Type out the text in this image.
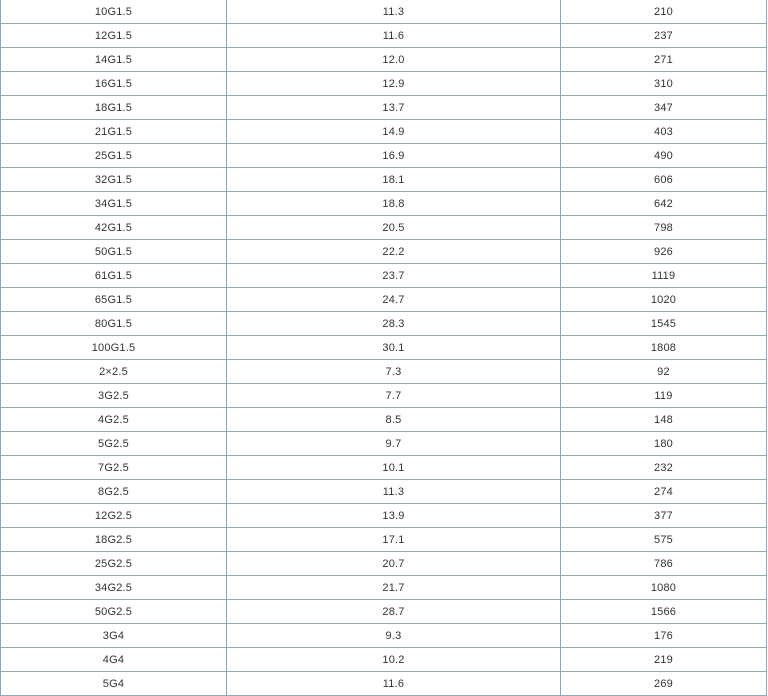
10G1.5	11.3	210
12G1.5	11.6	237
14G1.5	12.0	271
16G1.5	12.9	310
18G1.5	13.7	347
21G1.5	14.9	403
25G1.5	16.9	490
32G1.5	18.1	606
34G1.5	18.8	642
42G1.5	20.5	798
50G1.5	22.2	926
61G1.5	23.7	1119
65G1.5	24.7	1020
80G1.5	28.3	1545
100G1.5	30.1	1808
2×2.5	7.3	92
3G2.5	7.7	119
4G2.5	8.5	148
5G2.5	9.7	180
7G2.5	10.1	232
8G2.5	11.3	274
12G2.5	13.9	377
18G2.5	17.1	575
25G2.5	20.7	786
34G2.5	21.7	1080
50G2.5	28.7	1566
3G4	9.3	176
4G4	10.2	219
5G4	11.6	269
